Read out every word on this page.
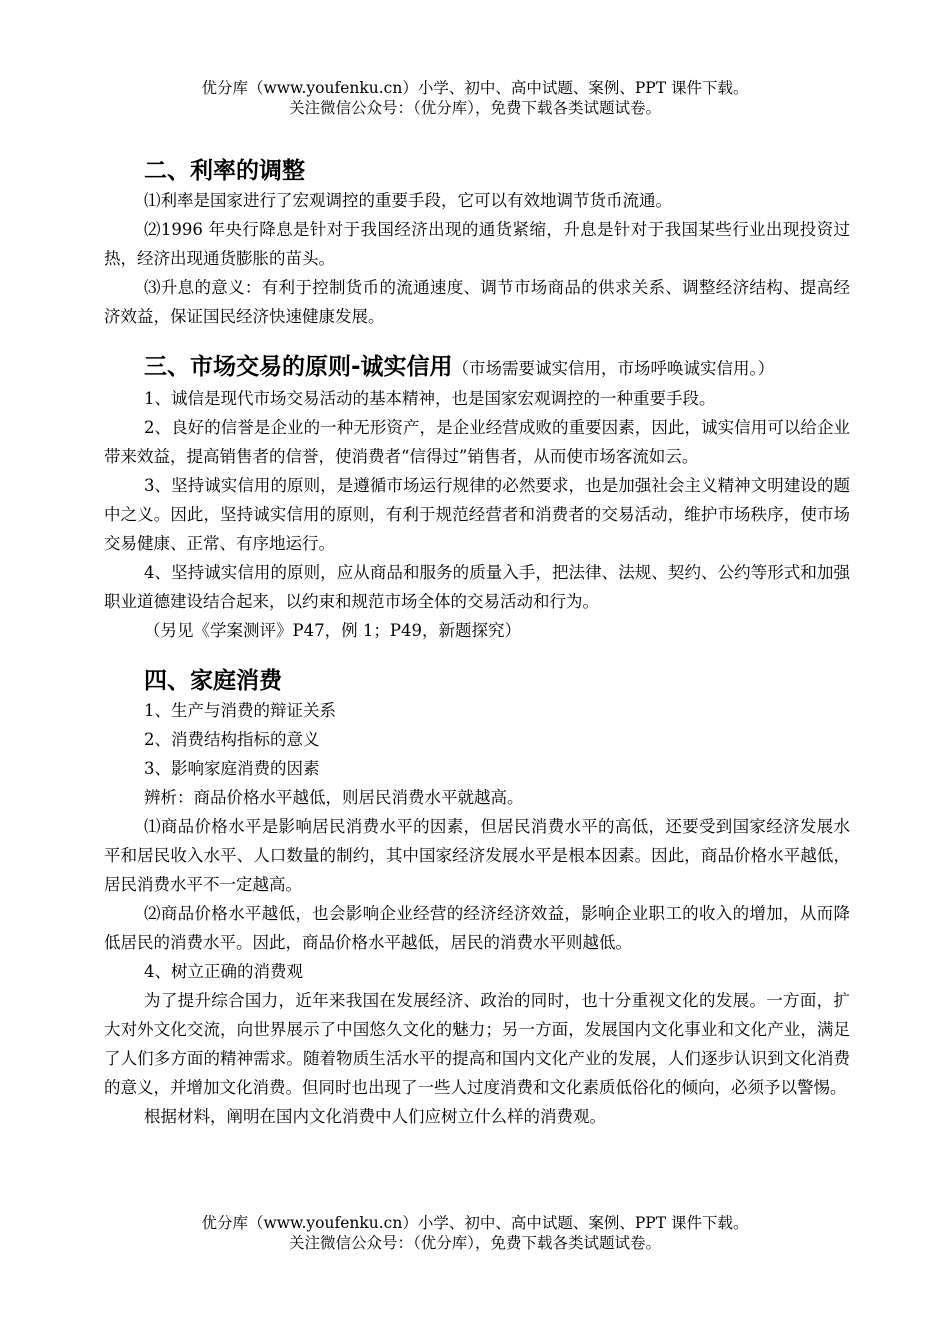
优分库（www.youfenku.cn）小学、初中、高中试题、案例、PPT 课件下载。
关注微信公众号：（优分库），免费下载各类试题试卷。
二、利率的调整

⑴利率是国家进行了宏观调控的重要手段，它可以有效地调节货币流通。

⑵1996 年央行降息是针对于我国经济出现的通货紧缩，升息是针对于我国某些行业出现投资过热，经济出现通货膨胀的苗头。

⑶升息的意义：有利于控制货币的流通速度、调节市场商品的供求关系、调整经济结构、提高经济效益，保证国民经济快速健康发展。

三、市场交易的原则-诚实信用（市场需要诚实信用，市场呼唤诚实信用。）

1、诚信是现代市场交易活动的基本精神，也是国家宏观调控的一种重要手段。

2、良好的信誉是企业的一种无形资产，是企业经营成败的重要因素，因此，诚实信用可以给企业带来效益，提高销售者的信誉，使消费者“信得过”销售者，从而使市场客流如云。

3、坚持诚实信用的原则，是遵循市场运行规律的必然要求，也是加强社会主义精神文明建设的题中之义。因此，坚持诚实信用的原则，有利于规范经营者和消费者的交易活动，维护市场秩序，使市场交易健康、正常、有序地运行。

4、坚持诚实信用的原则，应从商品和服务的质量入手，把法律、法规、契约、公约等形式和加强职业道德建设结合起来，以约束和规范市场全体的交易活动和行为。

（另见《学案测评》P47，例 1；P49，新题探究）

四、家庭消费

1、生产与消费的辩证关系

2、消费结构指标的意义

3、影响家庭消费的因素

辨析：商品价格水平越低，则居民消费水平就越高。

⑴商品价格水平是影响居民消费水平的因素，但居民消费水平的高低，还要受到国家经济发展水平和居民收入水平、人口数量的制约，其中国家经济发展水平是根本因素。因此，商品价格水平越低，居民消费水平不一定越高。

⑵商品价格水平越低，也会影响企业经营的经济经济效益，影响企业职工的收入的增加，从而降低居民的消费水平。因此，商品价格水平越低，居民的消费水平则越低。

4、树立正确的消费观

为了提升综合国力，近年来我国在发展经济、政治的同时，也十分重视文化的发展。一方面，扩大对外文化交流，向世界展示了中国悠久文化的魅力；另一方面，发展国内文化事业和文化产业，满足了人们多方面的精神需求。随着物质生活水平的提高和国内文化产业的发展，人们逐步认识到文化消费的意义，并增加文化消费。但同时也出现了一些人过度消费和文化素质低俗化的倾向，必须予以警惕。

根据材料，阐明在国内文化消费中人们应树立什么样的消费观。

优分库（www.youfenku.cn）小学、初中、高中试题、案例、PPT 课件下载。
关注微信公众号：（优分库），免费下载各类试题试卷。
